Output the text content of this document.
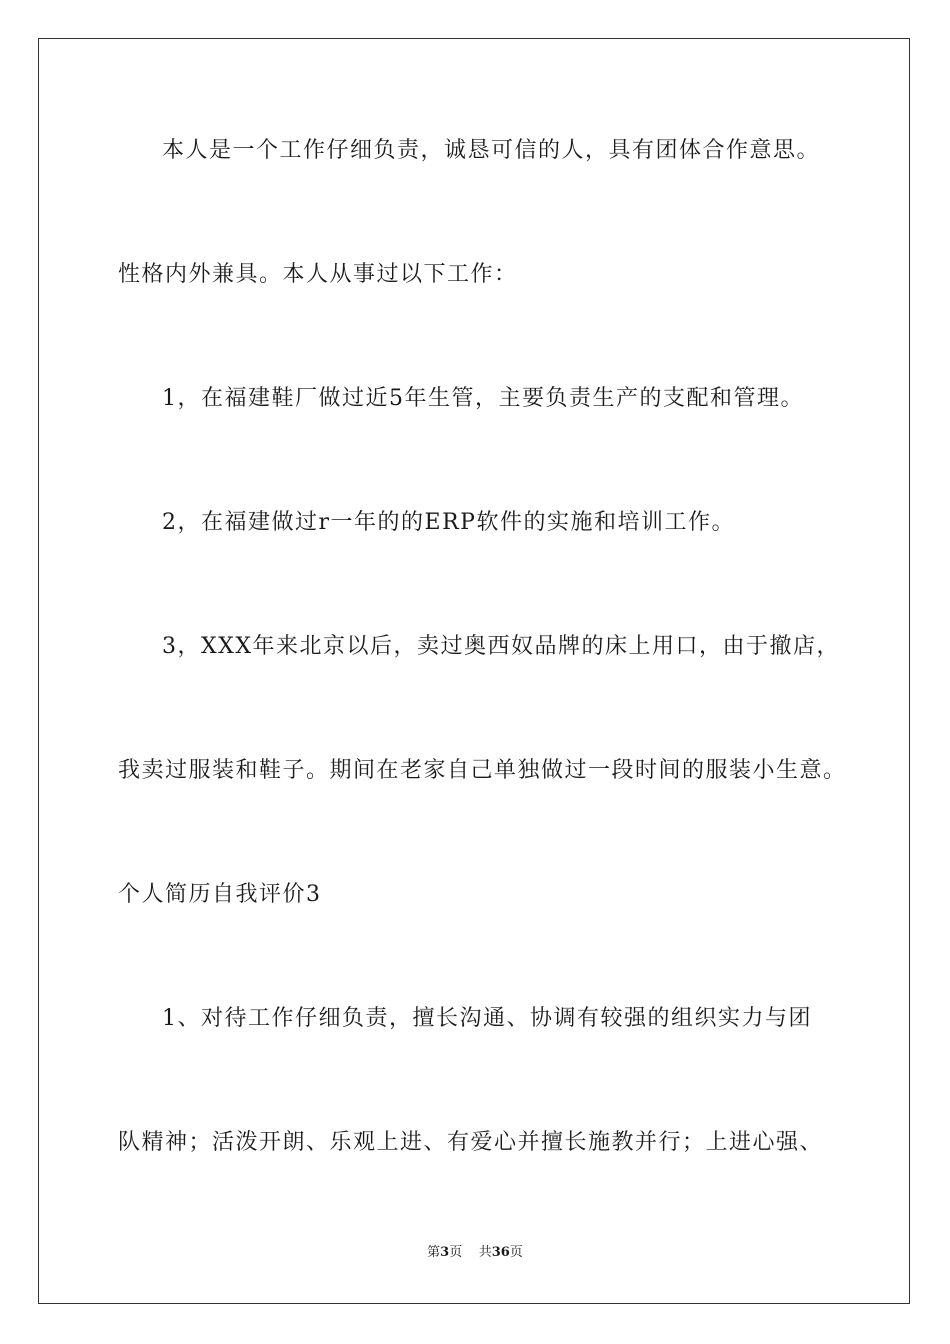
本人是一个工作仔细负责，诚恳可信的人，具有团体合作意思。
性格内外兼具。本人从事过以下工作：
1，在福建鞋厂做过近5年生管，主要负责生产的支配和管理。
2，在福建做过r一年的的ERP软件的实施和培训工作。
3，XXX年来北京以后，卖过奥西奴品牌的床上用口，由于撤店，
我卖过服装和鞋子。期间在老家自己单独做过一段时间的服装小生意。
个人简历自我评价3
1、对待工作仔细负责，擅长沟通、协调有较强的组织实力与团
队精神；活泼开朗、乐观上进、有爱心并擅长施教并行；上进心强、
第3页 共36页
